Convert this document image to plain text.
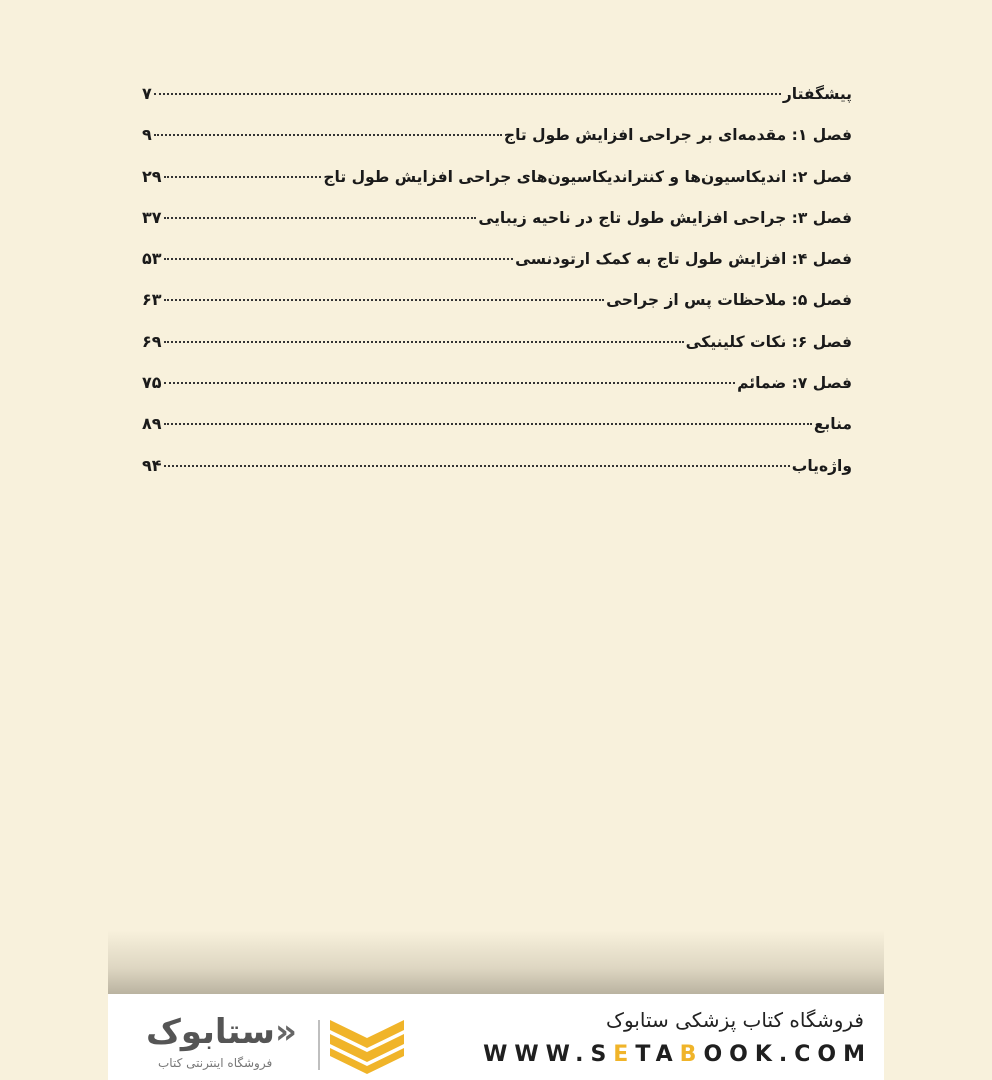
پیشگفتار
۷
فصل ۱: مقدمه‌ای بر جراحی افزایش طول تاج
۹
فصل ۲: اندیکاسیون‌ها و کنتراندیکاسیون‌های جراحی افزایش طول تاج
۲۹
فصل ۳: جراحی افزایش طول تاج در ناحیه زیبایی
۳۷
فصل ۴: افزایش طول تاج به کمک ارتودنسی
۵۳
فصل ۵: ملاحظات پس از جراحی
۶۳
فصل ۶: نکات کلینیکی
۶۹
فصل ۷: ضمائم
۷۵
منابع
۸۹
واژه‌یاب
۹۴
«ستابوک
فروشگاه اینترنتی کتاب
فروشگاه کتاب پزشکی ستابوک
WWW.SETABOOK.COM
